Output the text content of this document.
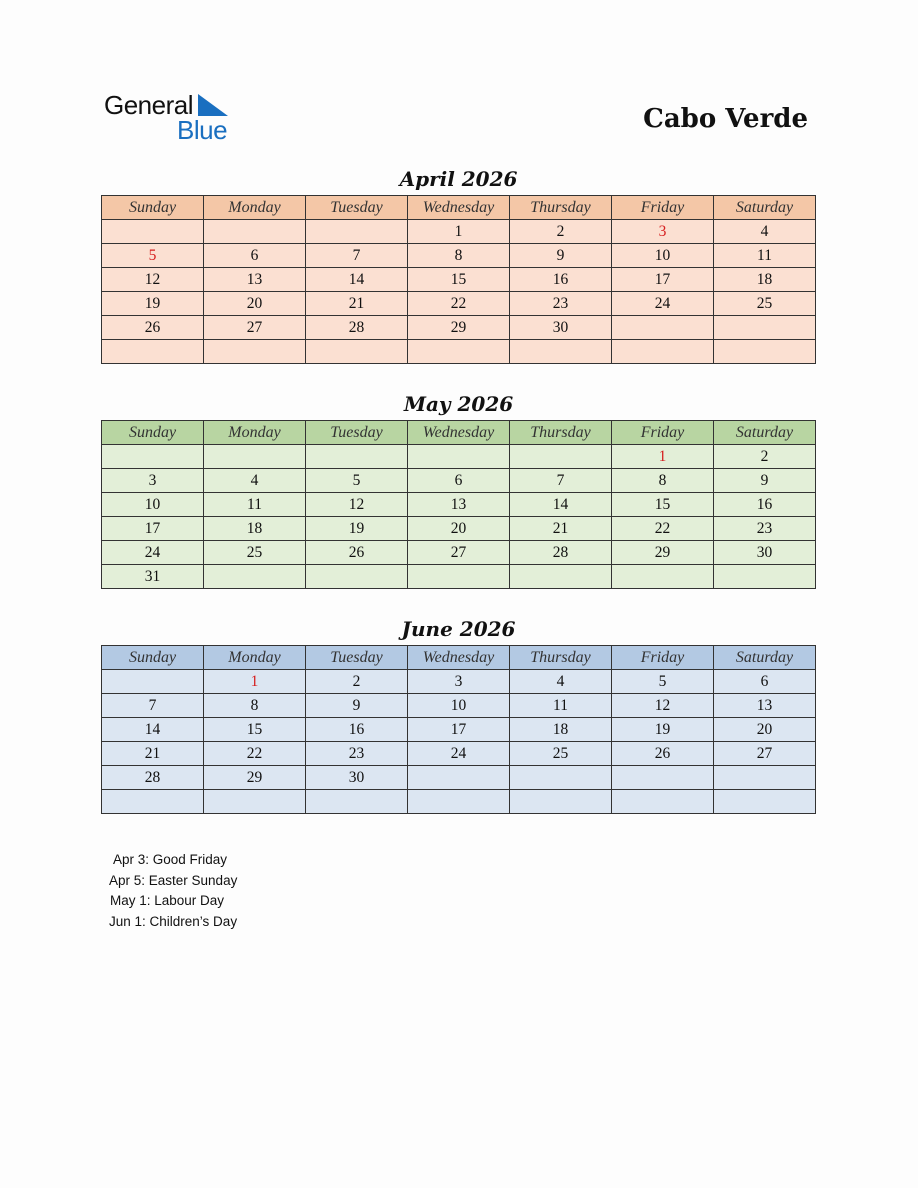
General
Blue	Cabo Verde
April 2026
Sunday	Monday	Tuesday	Wednesday	Thursday	Friday	Saturday
			1	2	3	4
5	6	7	8	9	10	11
12	13	14	15	16	17	18
19	20	21	22	23	24	25
26	27	28	29	30		

May 2026
Sunday	Monday	Tuesday	Wednesday	Thursday	Friday	Saturday
					1	2
3	4	5	6	7	8	9
10	11	12	13	14	15	16
17	18	19	20	21	22	23
24	25	26	27	28	29	30
31						
June 2026
Sunday	Monday	Tuesday	Wednesday	Thursday	Friday	Saturday
	1	2	3	4	5	6
7	8	9	10	11	12	13
14	15	16	17	18	19	20
21	22	23	24	25	26	27
28	29	30				

Apr 3: Good Friday
Apr 5: Easter Sunday
May 1: Labour Day
Jun 1: Children’s Day
